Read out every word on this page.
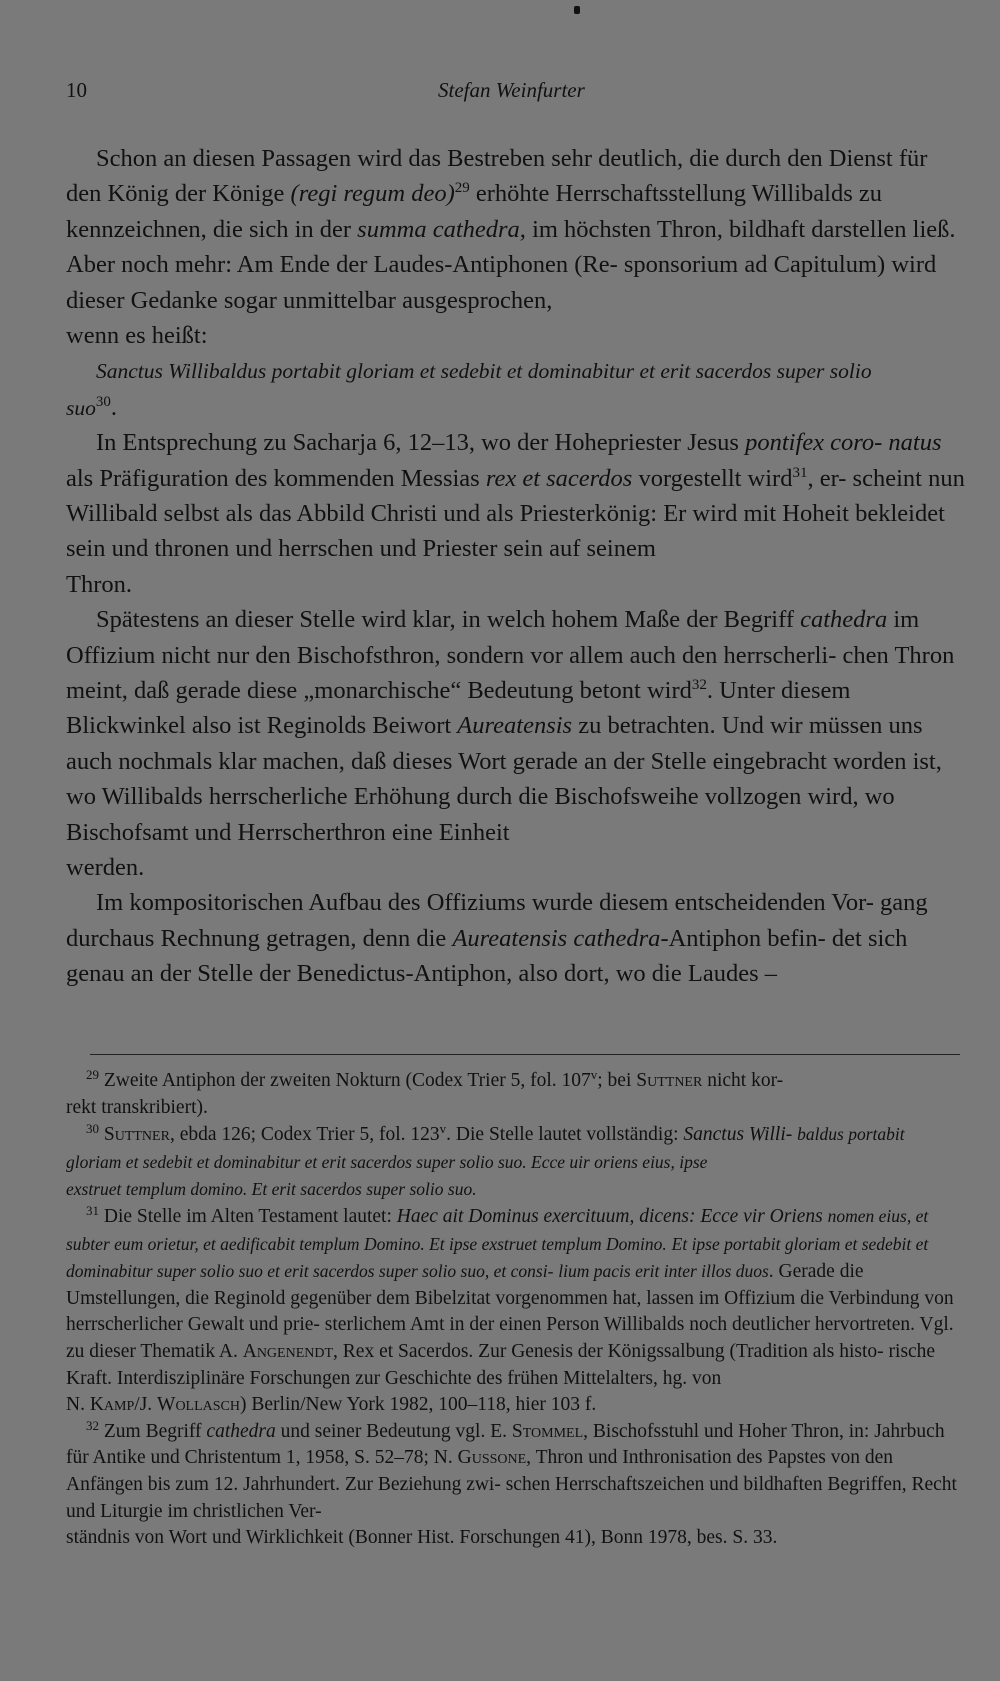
10	Stefan Weinfurter
Schon an diesen Passagen wird das Bestreben sehr deutlich, die durch den Dienst für den König der Könige (regi regum deo)$^{29}$ erhöhte Herrschaftsstellung Willibalds zu kennzeichnen, die sich in der summa cathedra, im höchsten Thron, bildhaft darstellen ließ. Aber noch mehr: Am Ende der Laudes-Antiphonen (Re- sponsorium ad Capitulum) wird dieser Gedanke sogar unmittelbar ausgesprochen,
wenn es heißt:
Sanctus Willibaldus portabit gloriam et sedebit et dominabitur et erit sacerdos super solio
suo$^{30}$.
In Entsprechung zu Sacharja 6, 12–13, wo der Hohepriester Jesus pontifex coro- natus als Präfiguration des kommenden Messias rex et sacerdos vorgestellt wird$^{31}$, er- scheint nun Willibald selbst als das Abbild Christi und als Priesterkönig: Er wird mit Hoheit bekleidet sein und thronen und herrschen und Priester sein auf seinem
Thron.
Spätestens an dieser Stelle wird klar, in welch hohem Maße der Begriff cathedra im Offizium nicht nur den Bischofsthron, sondern vor allem auch den herrscherli- chen Thron meint, daß gerade diese „monarchische“ Bedeutung betont wird$^{32}$. Unter diesem Blickwinkel also ist Reginolds Beiwort Aureatensis zu betrachten. Und wir müssen uns auch nochmals klar machen, daß dieses Wort gerade an der Stelle eingebracht worden ist, wo Willibalds herrscherliche Erhöhung durch die Bischofsweihe vollzogen wird, wo Bischofsamt und Herrscherthron eine Einheit
werden.
Im kompositorischen Aufbau des Offiziums wurde diesem entscheidenden Vor- gang durchaus Rechnung getragen, denn die Aureatensis cathedra-Antiphon befin- det sich genau an der Stelle der Benedictus-Antiphon, also dort, wo die Laudes –
$^{29}$ Zweite Antiphon der zweiten Nokturn (Codex Trier 5, fol. 107$^v$; bei Suttner nicht kor-
rekt transkribiert).
$^{30}$ Suttner, ebda 126; Codex Trier 5, fol. 123$^v$. Die Stelle lautet vollständig: Sanctus Willi- baldus portabit gloriam et sedebit et dominabitur et erit sacerdos super solio suo. Ecce uir oriens eius, ipse
exstruet templum domino. Et erit sacerdos super solio suo.
$^{31}$ Die Stelle im Alten Testament lautet: Haec ait Dominus exercituum, dicens: Ecce vir Oriens nomen eius, et subter eum orietur, et aedificabit templum Domino. Et ipse exstruet templum Domino. Et ipse portabit gloriam et sedebit et dominabitur super solio suo et erit sacerdos super solio suo, et consi- lium pacis erit inter illos duos. Gerade die Umstellungen, die Reginold gegenüber dem Bibelzitat vorgenommen hat, lassen im Offizium die Verbindung von herrscherlicher Gewalt und prie- sterlichem Amt in der einen Person Willibalds noch deutlicher hervortreten. Vgl. zu dieser Thematik A. Angenendt, Rex et Sacerdos. Zur Genesis der Königssalbung (Tradition als histo- rische Kraft. Interdisziplinäre Forschungen zur Geschichte des frühen Mittelalters, hg. von
N. Kamp/J. Wollasch) Berlin/New York 1982, 100–118, hier 103 f.
$^{32}$ Zum Begriff cathedra und seiner Bedeutung vgl. E. Stommel, Bischofsstuhl und Hoher Thron, in: Jahrbuch für Antike und Christentum 1, 1958, S. 52–78; N. Gussone, Thron und Inthronisation des Papstes von den Anfängen bis zum 12. Jahrhundert. Zur Beziehung zwi- schen Herrschaftszeichen und bildhaften Begriffen, Recht und Liturgie im christlichen Ver-
ständnis von Wort und Wirklichkeit (Bonner Hist. Forschungen 41), Bonn 1978, bes. S. 33.
